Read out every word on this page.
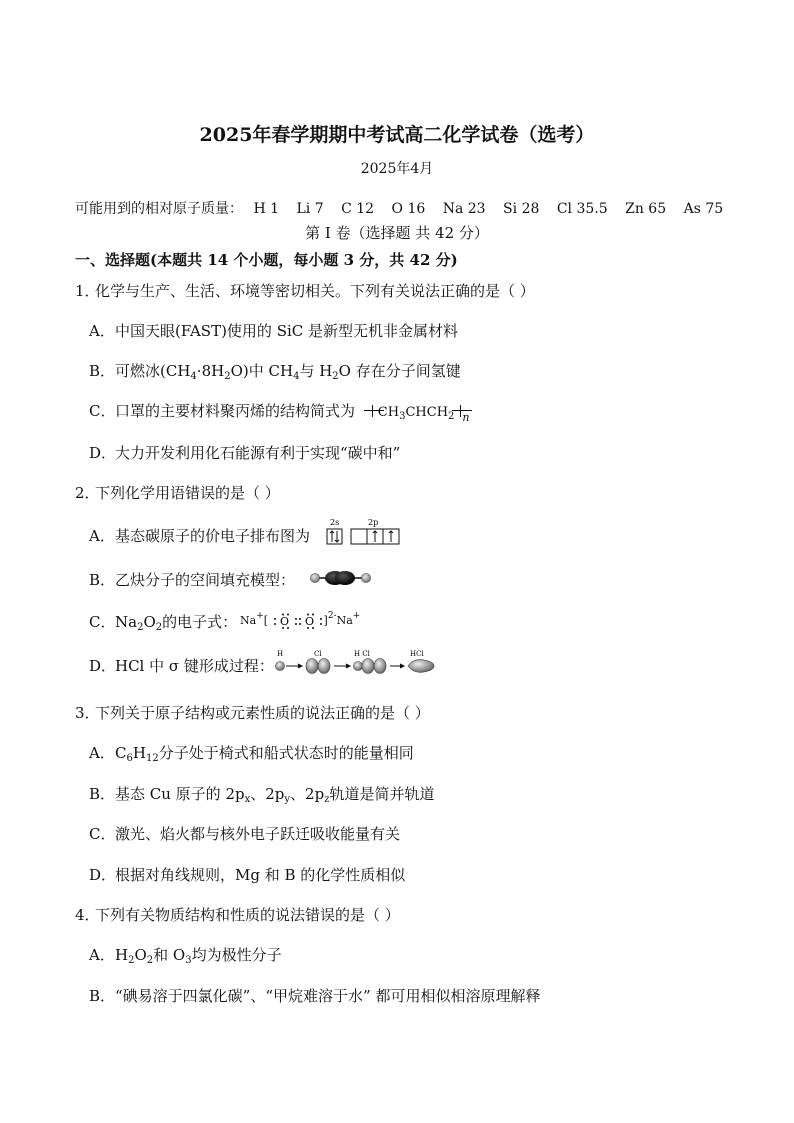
2025年春学期期中考试高二化学试卷（选考）
2025年4月
可能用到的相对原子质量： H 1 Li 7 C 12 O 16 Na 23 Si 28 Cl 35.5 Zn 65 As 75
第 I 卷（选择题 共 42 分）
一、选择题(本题共 14 个小题，每小题 3 分，共 42 分)
1．化学与生产、生活、环境等密切相关。下列有关说法正确的是（ ）
A．中国天眼(FAST)使用的 SiC 是新型无机非金属材料
B．可燃冰$(CH_4\cdot 8H_2O)$中 $CH_4$与 $H_2O$ 存在分子间氢键
C．口罩的主要材料聚丙烯的结构简式为 $CH_3CHCH_2$ $_n$
D．大力开发利用化石能源有利于实现“碳中和”
2．下列化学用语错误的是（ ）
A．基态碳原子的价电子排布图为
2s	2p
B．乙炔分子的空间填充模型：
C．$Na_2O_2$的电子式： Na+[ O O ]$^{2-}$Na+
D．HCl 中 σ 键形成过程：
H	Cl	H Cl	HCl
3．下列关于原子结构或元素性质的说法正确的是（ ）
A．$C_6H_{12}$分子处于椅式和船式状态时的能量相同
B．基态 Cu 原子的 $2p_x$、$2p_y$、$2p_z$轨道是简并轨道
C．激光、焰火都与核外电子跃迁吸收能量有关
D．根据对角线规则，Mg 和 B 的化学性质相似
4．下列有关物质结构和性质的说法错误的是（ ）
A．$H_2O_2$和 $O_3$均为极性分子
B．“碘易溶于四氯化碳”、“甲烷难溶于水” 都可用相似相溶原理解释
